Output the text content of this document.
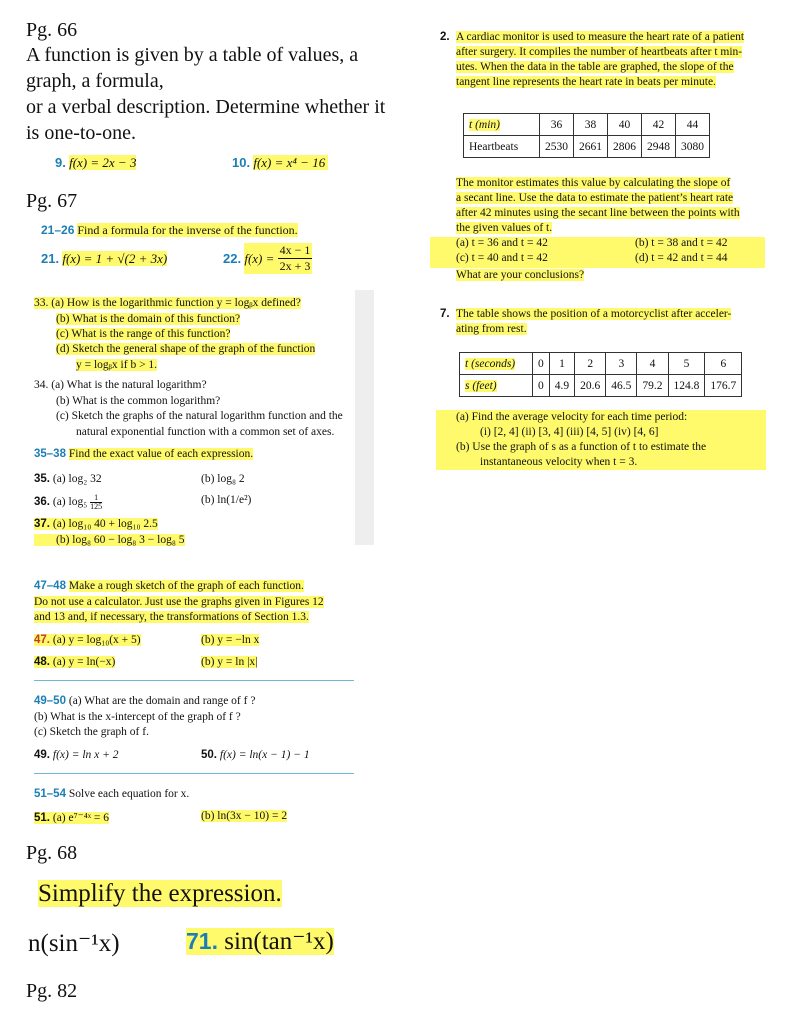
Pg. 66
A function is given by a table of values, a
graph, a formula,
or a verbal description. Determine whether it
is one-to-one.
9. f(x) = 2x − 3	10. f(x) = x⁴ − 16
Pg. 67
21–26 Find a formula for the inverse of the function.
21. f(x) = 1 + √(2 + 3x)	22. $f(x) = \frac{4x - 1}{2x + 3}$
33. (a) How is the logarithmic function y = logᵦx defined?
(b) What is the domain of this function?
(c) What is the range of this function?
(d) Sketch the general shape of the graph of the function
y = logᵦx if b > 1.
34. (a) What is the natural logarithm?
(b) What is the common logarithm?
(c) Sketch the graphs of the natural logarithm function and the
natural exponential function with a common set of axes.
35–38 Find the exact value of each expression.
35. (a) log₂ 32	(b) log₈ 2
36. (a) $\log_5 \frac{1}{125}$	(b) ln(1/e²)
37. (a) log₁₀ 40 + log₁₀ 2.5
(b) log₈ 60 − log₈ 3 − log₈ 5
47–48 Make a rough sketch of the graph of each function.
Do not use a calculator. Just use the graphs given in Figures 12
and 13 and, if necessary, the transformations of Section 1.3.
47. (a) y = log₁₀(x + 5)	(b) y = −ln x
48. (a) y = ln(−x)	(b) y = ln |x|
49–50 (a) What are the domain and range of f ?
(b) What is the x-intercept of the graph of f ?
(c) Sketch the graph of f.
49. f(x) = ln x + 2	50. f(x) = ln(x − 1) − 1
51–54 Solve each equation for x.
51. (a) e⁷⁻⁴ˣ = 6	(b) ln(3x − 10) = 2
Pg. 68
Simplify the expression.
n(sin⁻¹x)	71. sin(tan⁻¹x)
Pg. 82
2. A cardiac monitor is used to measure the heart rate of a patient
after surgery. It compiles the number of heartbeats after t min-
utes. When the data in the table are graphed, the slope of the
tangent line represents the heart rate in beats per minute.
t (min)	36	38	40	42	44
Heartbeats	2530	2661	2806	2948	3080
The monitor estimates this value by calculating the slope of
a secant line. Use the data to estimate the patient’s heart rate
after 42 minutes using the secant line between the points with
the given values of t.
(a) t = 36 and t = 42	(b) t = 38 and t = 42
(c) t = 40 and t = 42	(d) t = 42 and t = 44
What are your conclusions?
7. The table shows the position of a motorcyclist after acceler-
ating from rest.
t (seconds)	0	1	2	3	4	5	6
s (feet)	0	4.9	20.6	46.5	79.2	124.8	176.7
(a) Find the average velocity for each time period:
(i) [2, 4] (ii) [3, 4] (iii) [4, 5] (iv) [4, 6]
(b) Use the graph of s as a function of t to estimate the
instantaneous velocity when t = 3.
